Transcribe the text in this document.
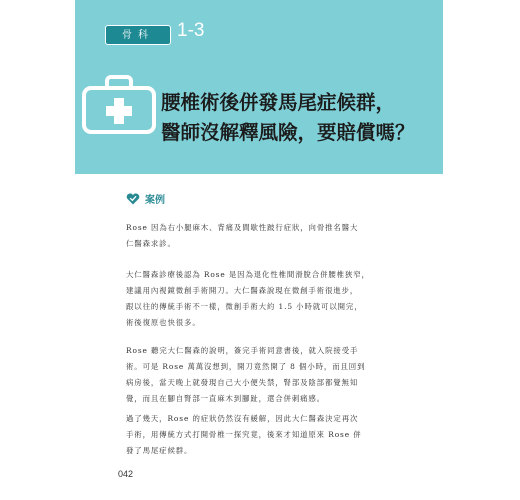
骨科	1-3
腰椎術後併發馬尾症候群，
醫師沒解釋風險，要賠償嗎？
案例
Rose 因為右小腿麻木、背痛及間歇性跛行症狀，向骨推名醫大
仁醫森求診。
大仁醫森診療後認為 Rose 是因為退化性椎間滑脫合併腰椎狹窄，
建議用內視鏡微創手術開刀。大仁醫森說現在微創手術很進步，
跟以往的傳統手術不一樣，微創手術大約 1.5 小時就可以開完，
術後復原也快很多。
Rose 聽完大仁醫森的說明，簽完手術同意書後，就入院接受手
術。可是 Rose 萬萬沒想到，開刀竟然開了 8 個小時，而且回到
病房後，當天晚上就發現自己大小便失禁，腎部及陰部都覺無知
覺，而且在腳自腎部一直麻木到腳趾，還合併刺痛感。
過了幾天，Rose 的症狀仍然沒有緩解，因此大仁醫森決定再次
手術，用傳統方式打開骨椎一探究竟，後來才知道原來 Rose 併
發了馬尾症候群。
042
